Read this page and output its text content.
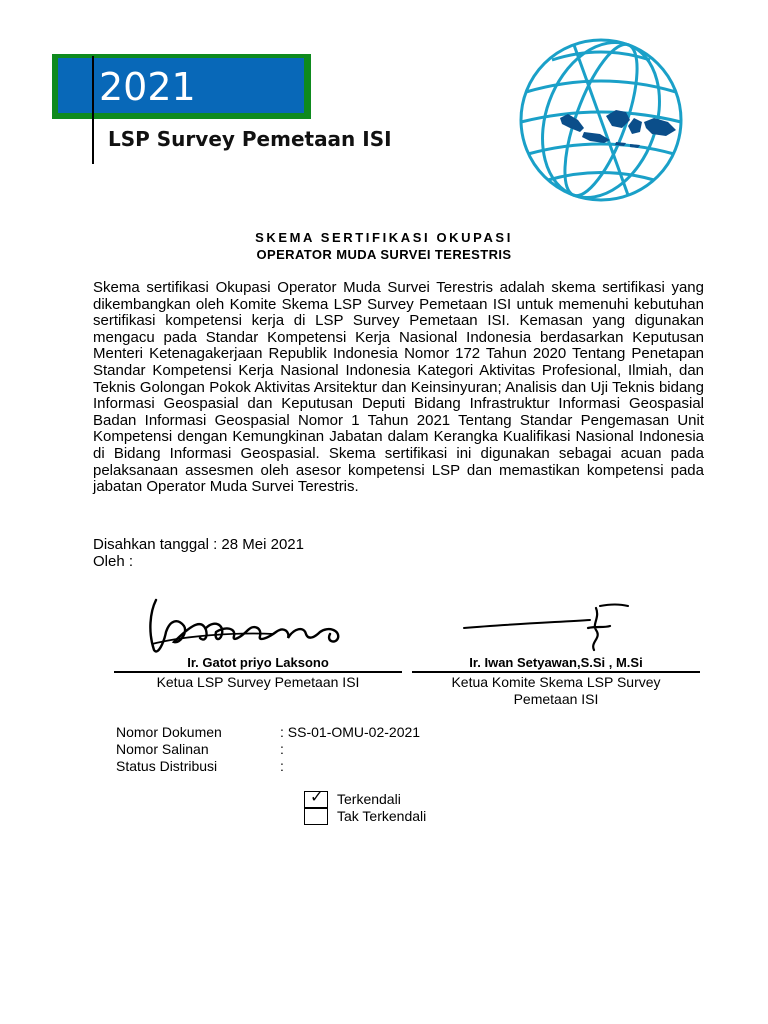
2021
LSP Survey Pemetaan ISI
SKEMA SERTIFIKASI OKUPASI
OPERATOR MUDA SURVEI TERESTRIS
Skema sertifikasi Okupasi Operator Muda Survei Terestris adalah skema sertifikasi yang dikembangkan oleh Komite Skema LSP Survey Pemetaan ISI untuk memenuhi kebutuhan sertifikasi kompetensi kerja di LSP Survey Pemetaan ISI. Kemasan yang digunakan mengacu pada Standar Kompetensi Kerja Nasional Indonesia berdasarkan Keputusan Menteri Ketenagakerjaan Republik Indonesia Nomor 172 Tahun 2020 Tentang Penetapan Standar Kompetensi Kerja Nasional Indonesia Kategori Aktivitas Profesional, Ilmiah, dan Teknis Golongan Pokok Aktivitas Arsitektur dan Keinsinyuran; Analisis dan Uji Teknis bidang Informasi Geospasial dan Keputusan Deputi Bidang Infrastruktur Informasi Geospasial Badan Informasi Geospasial Nomor 1 Tahun 2021 Tentang Standar Pengemasan Unit Kompetensi dengan Kemungkinan Jabatan dalam Kerangka Kualifikasi Nasional Indonesia di Bidang Informasi Geospasial. Skema sertifikasi ini digunakan sebagai acuan pada pelaksanaan assesmen oleh asesor kompetensi LSP dan memastikan kompetensi pada jabatan Operator Muda Survei Terestris.
Disahkan tanggal : 28 Mei 2021
Oleh :
Ir. Gatot priyo Laksono
Ketua LSP Survey Pemetaan ISI
Ir. Iwan Setyawan,S.Si , M.Si
Ketua Komite Skema LSP Survey Pemetaan ISI
Nomor Dokumen	: SS-01-OMU-02-2021
Nomor Salinan	:
Status Distribusi	:
✓ Terkendali
Tak Terkendali
